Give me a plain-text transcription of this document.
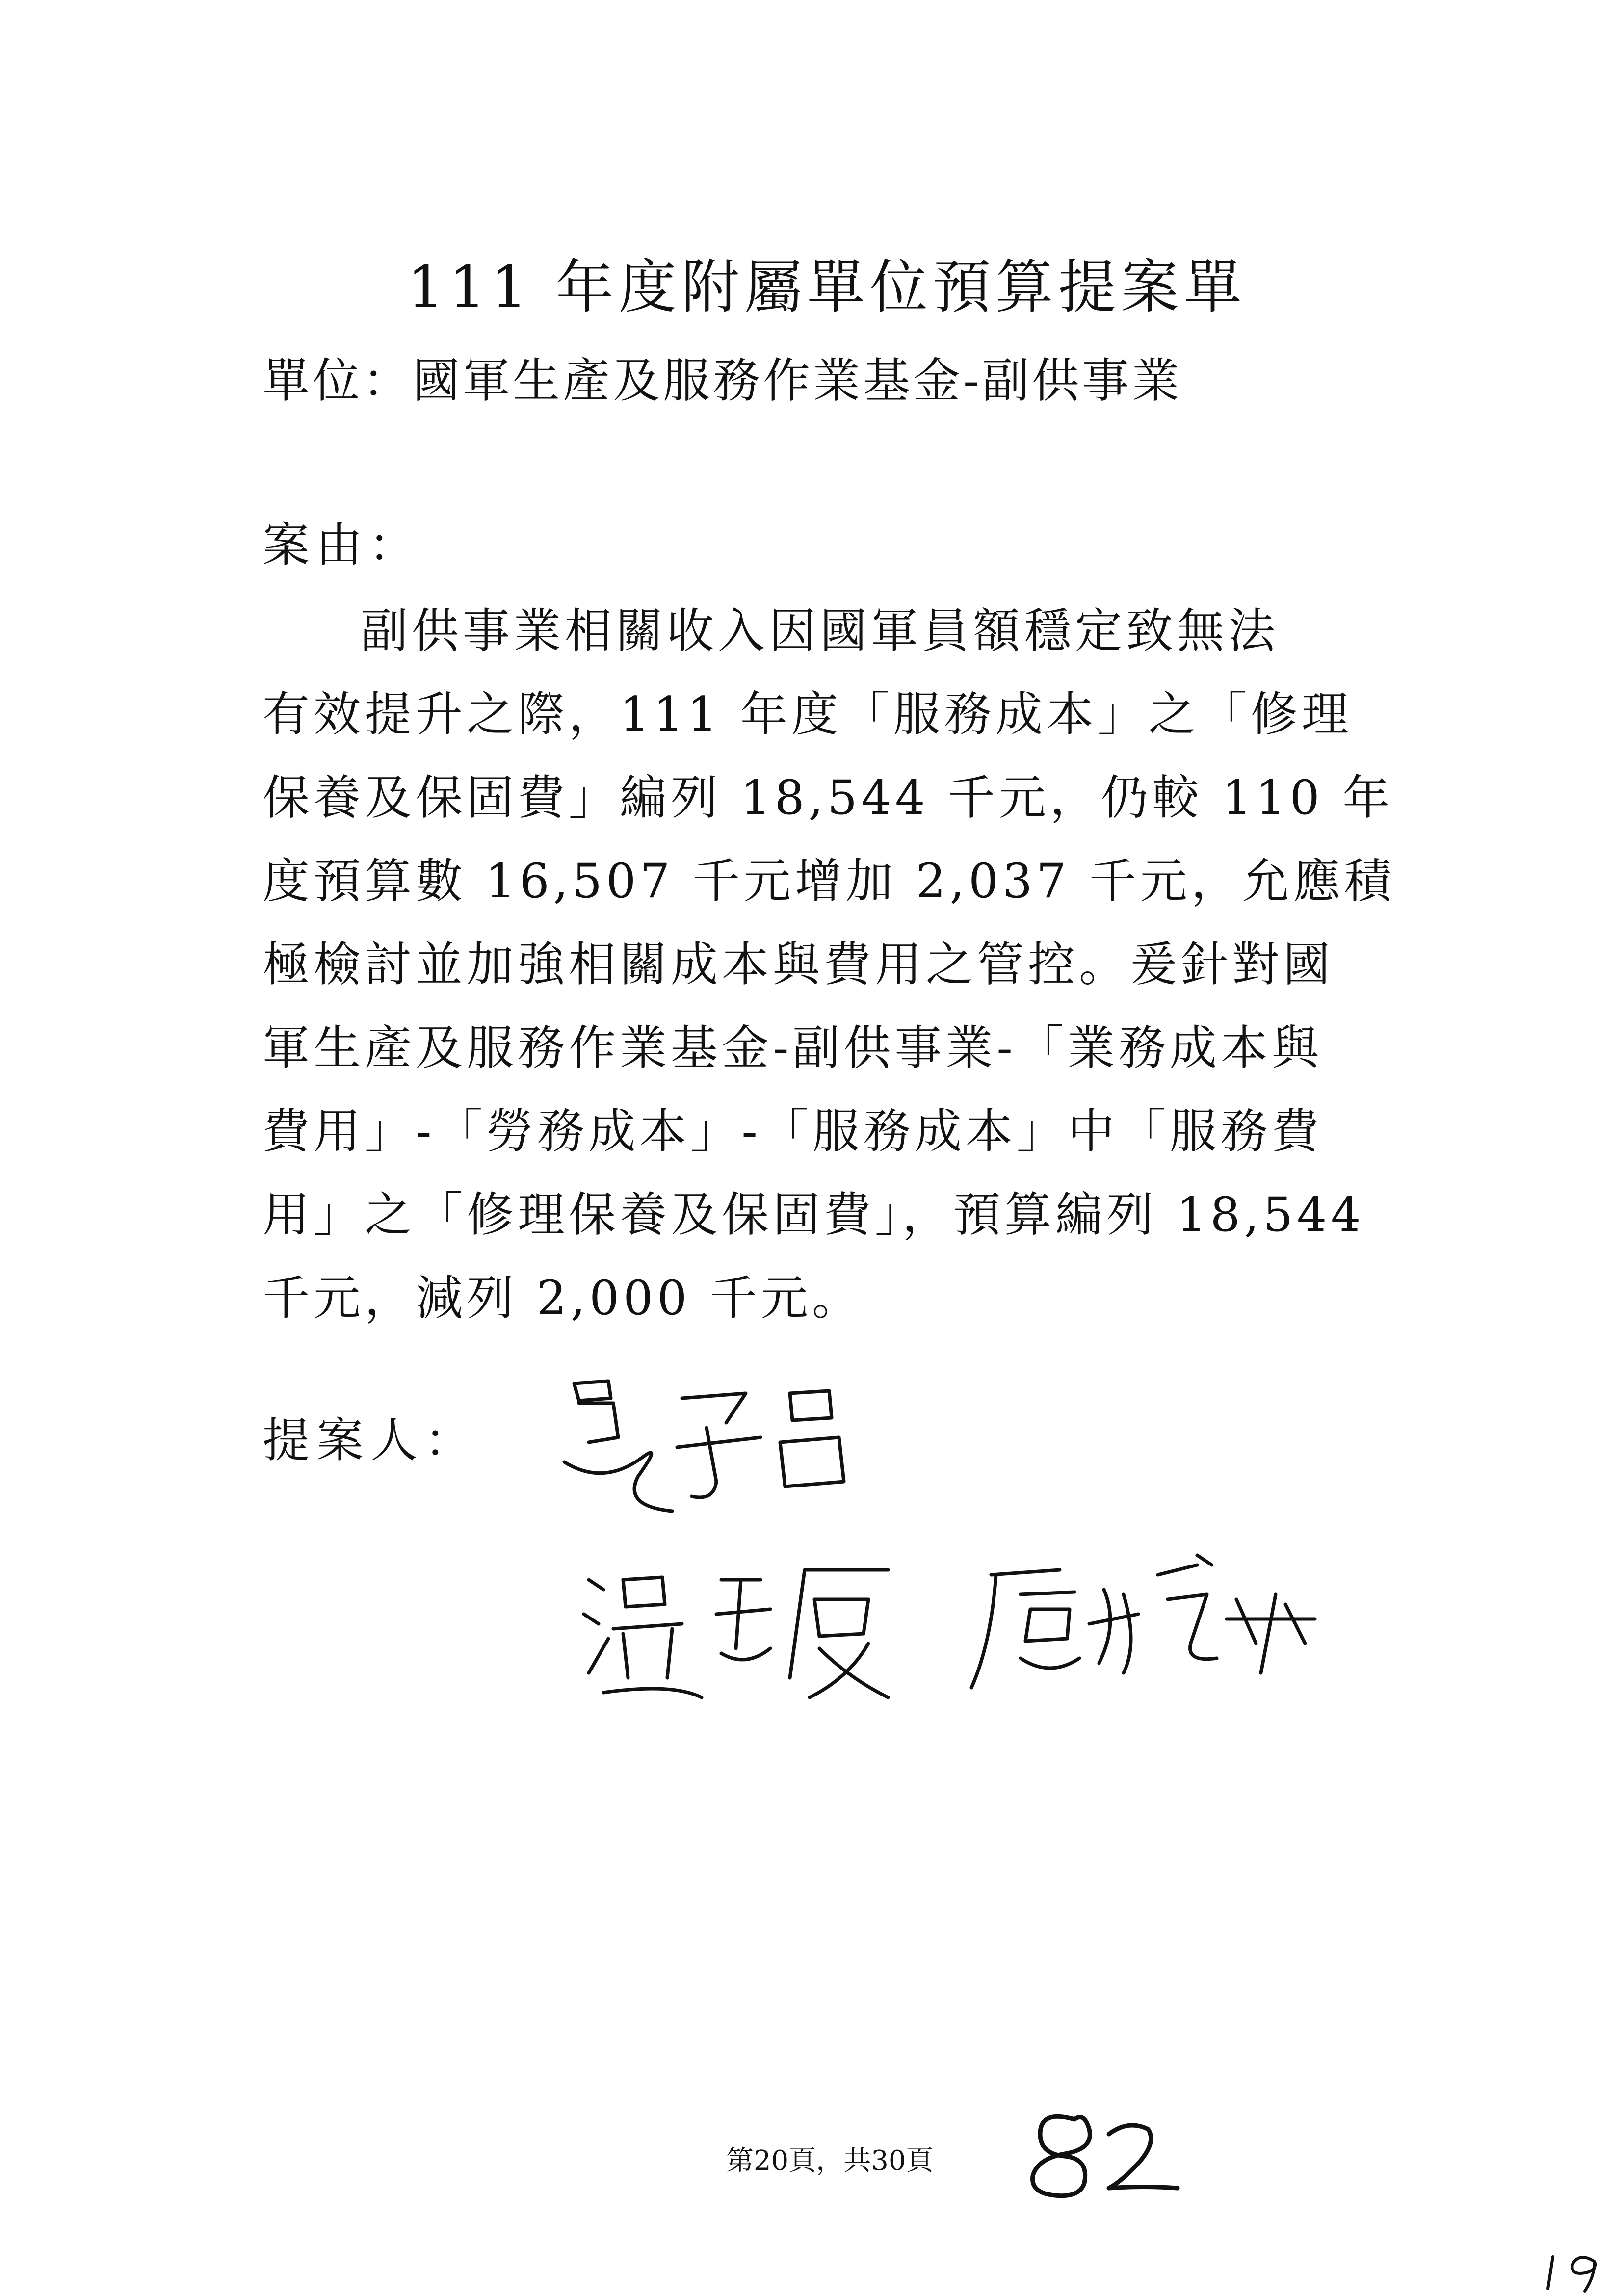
111 年度附屬單位預算提案單
單位：國軍生產及服務作業基金-副供事業
案由：
副供事業相關收入因國軍員額穩定致無法
有效提升之際，111 年度「服務成本」之「修理
保養及保固費」編列 18,544 千元，仍較 110 年
度預算數 16,507 千元增加 2,037 千元，允應積
極檢討並加強相關成本與費用之管控。爰針對國
軍生產及服務作業基金-副供事業-「業務成本與
費用」-「勞務成本」-「服務成本」中「服務費
用」之「修理保養及保固費」，預算編列 18,544
千元，減列 2,000 千元。
提案人：
第20頁，共30頁
